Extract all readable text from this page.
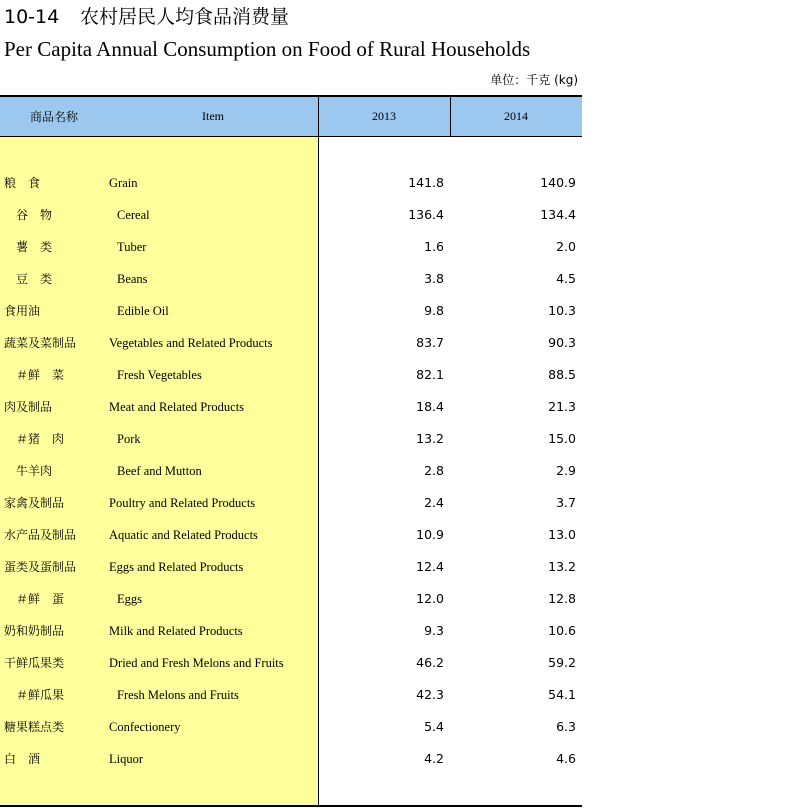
10-14 农村居民人均食品消费量
Per Capita Annual Consumption on Food of Rural Households
单位：千克 (kg)
商品名称	Item	2013	2014
粮　食	Grain	141.8	140.9
谷　物	Cereal	136.4	134.4
薯　类	Tuber	1.6	2.0
豆　类	Beans	3.8	4.5
食用油	Edible Oil	9.8	10.3
蔬菜及菜制品	Vegetables and Related Products	83.7	90.3
＃鲜　菜	Fresh Vegetables	82.1	88.5
肉及制品	Meat and Related Products	18.4	21.3
＃猪　肉	Pork	13.2	15.0
牛羊肉	Beef and Mutton	2.8	2.9
家禽及制品	Poultry and Related Products	2.4	3.7
水产品及制品	Aquatic and Related Products	10.9	13.0
蛋类及蛋制品	Eggs and Related Products	12.4	13.2
＃鲜　蛋	Eggs	12.0	12.8
奶和奶制品	Milk and Related Products	9.3	10.6
干鲜瓜果类	Dried and Fresh Melons and Fruits	46.2	59.2
＃鲜瓜果	Fresh Melons and Fruits	42.3	54.1
糖果糕点类	Confectionery	5.4	6.3
白　酒	Liquor	4.2	4.6
